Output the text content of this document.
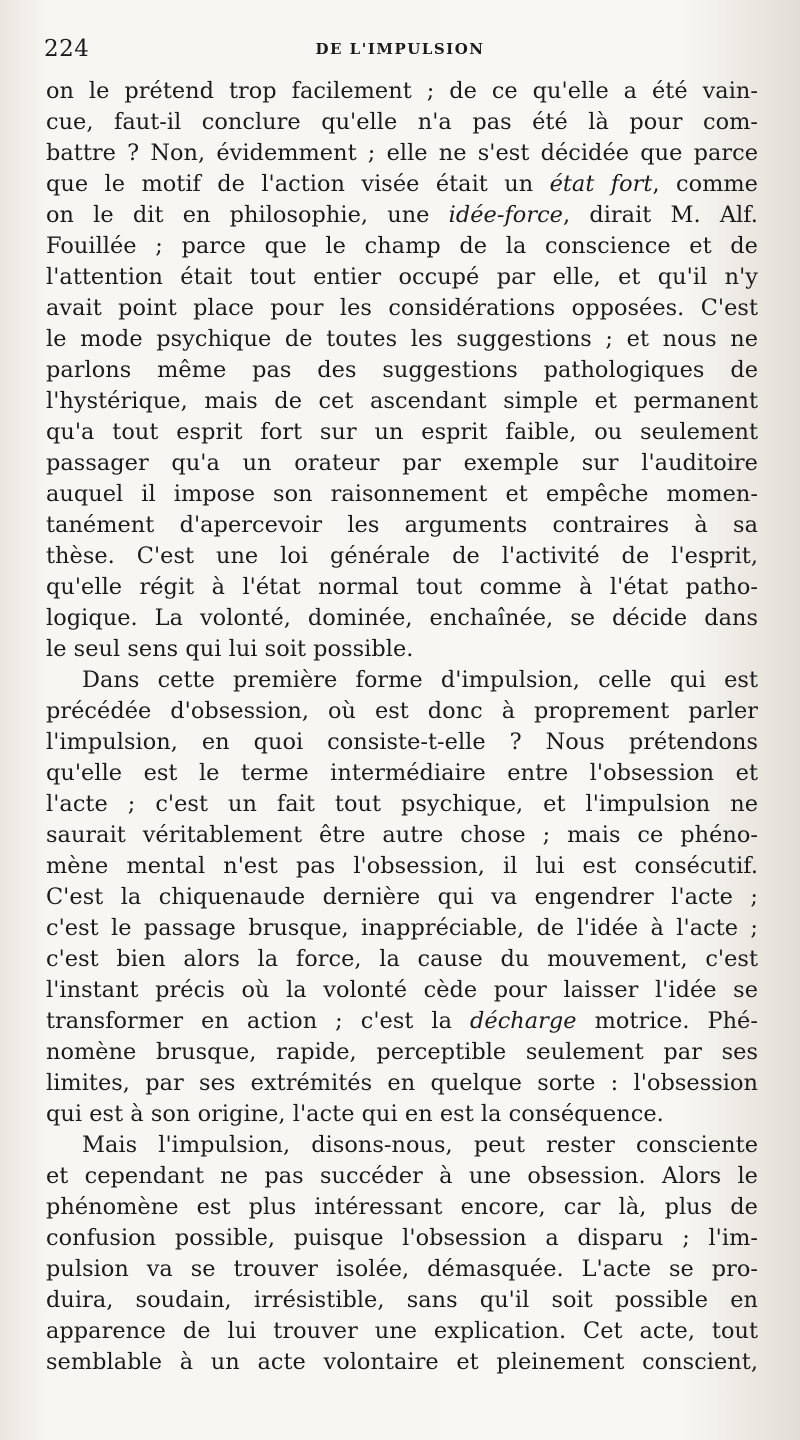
224	DE L'IMPULSION
on le prétend trop facilement ; de ce qu'elle a été vain-
cue, faut-il conclure qu'elle n'a pas été là pour com-
battre ? Non, évidemment ; elle ne s'est décidée que parce
que le motif de l'action visée était un état fort, comme
on le dit en philosophie, une idée-force, dirait M. Alf.
Fouillée ; parce que le champ de la conscience et de
l'attention était tout entier occupé par elle, et qu'il n'y
avait point place pour les considérations opposées. C'est
le mode psychique de toutes les suggestions ; et nous ne
parlons même pas des suggestions pathologiques de
l'hystérique, mais de cet ascendant simple et permanent
qu'a tout esprit fort sur un esprit faible, ou seulement
passager qu'a un orateur par exemple sur l'auditoire
auquel il impose son raisonnement et empêche momen-
tanément d'apercevoir les arguments contraires à sa
thèse. C'est une loi générale de l'activité de l'esprit,
qu'elle régit à l'état normal tout comme à l'état patho-
logique. La volonté, dominée, enchaînée, se décide dans
le seul sens qui lui soit possible.
Dans cette première forme d'impulsion, celle qui est
précédée d'obsession, où est donc à proprement parler
l'impulsion, en quoi consiste-t-elle ? Nous prétendons
qu'elle est le terme intermédiaire entre l'obsession et
l'acte ; c'est un fait tout psychique, et l'impulsion ne
saurait véritablement être autre chose ; mais ce phéno-
mène mental n'est pas l'obsession, il lui est consécutif.
C'est la chiquenaude dernière qui va engendrer l'acte ;
c'est le passage brusque, inappréciable, de l'idée à l'acte ;
c'est bien alors la force, la cause du mouvement, c'est
l'instant précis où la volonté cède pour laisser l'idée se
transformer en action ; c'est la décharge motrice. Phé-
nomène brusque, rapide, perceptible seulement par ses
limites, par ses extrémités en quelque sorte : l'obsession
qui est à son origine, l'acte qui en est la conséquence.
Mais l'impulsion, disons-nous, peut rester consciente
et cependant ne pas succéder à une obsession. Alors le
phénomène est plus intéressant encore, car là, plus de
confusion possible, puisque l'obsession a disparu ; l'im-
pulsion va se trouver isolée, démasquée. L'acte se pro-
duira, soudain, irrésistible, sans qu'il soit possible en
apparence de lui trouver une explication. Cet acte, tout
semblable à un acte volontaire et pleinement conscient,
